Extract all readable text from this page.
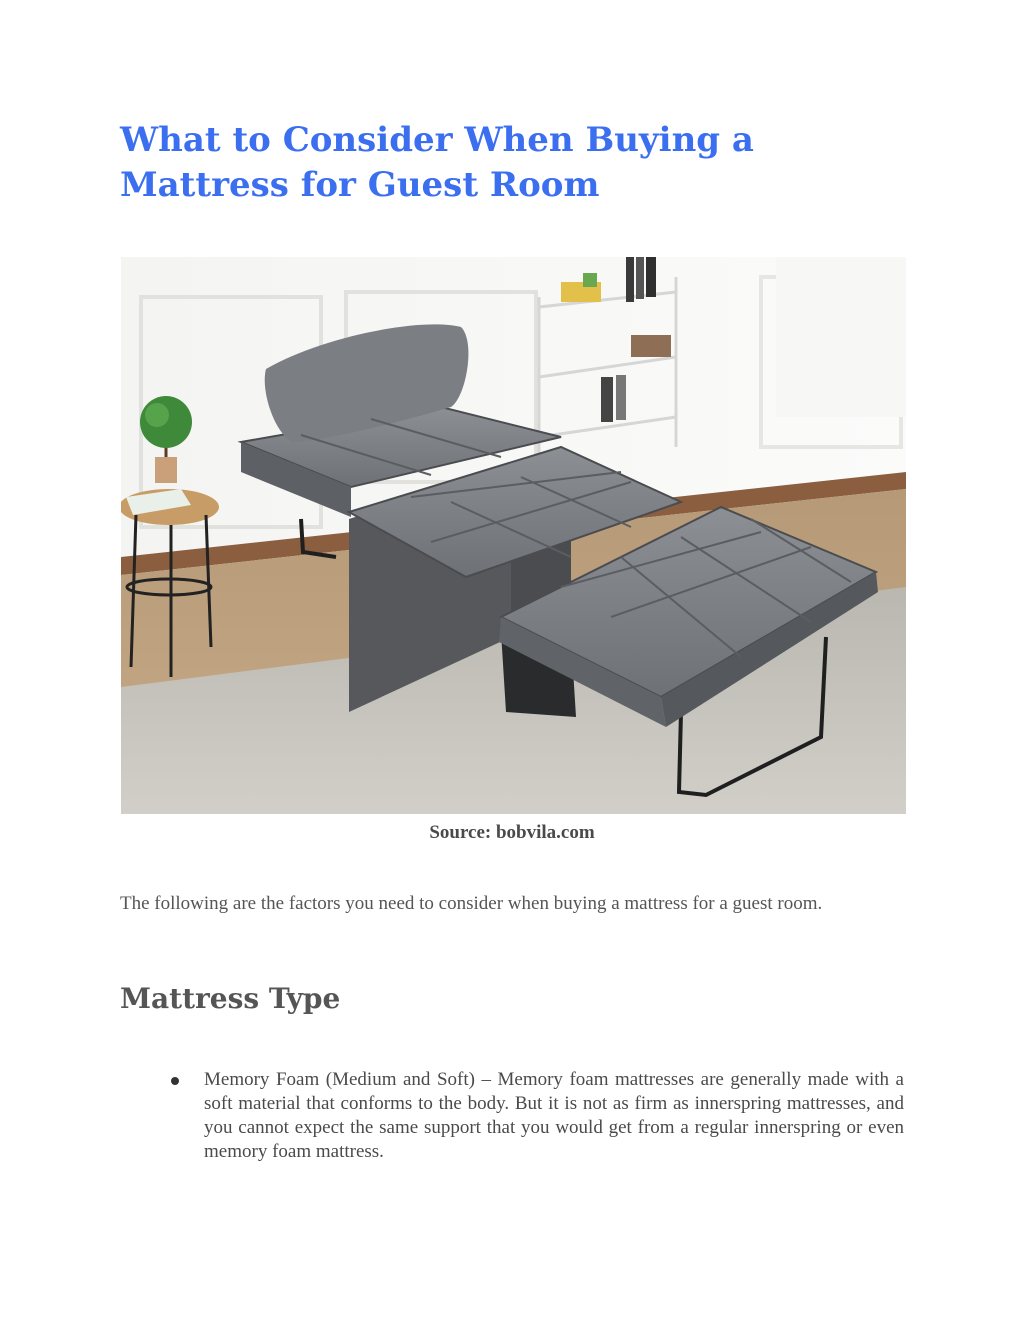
What to Consider When Buying a Mattress for Guest Room
Source: bobvila.com

The following are the factors you need to consider when buying a mattress for a guest room.

Mattress Type

Memory Foam (Medium and Soft) – Memory foam mattresses are generally made with a soft material that conforms to the body. But it is not as firm as innerspring mattresses, and you cannot expect the same support that you would get from a regular innerspring or even memory foam mattress.
